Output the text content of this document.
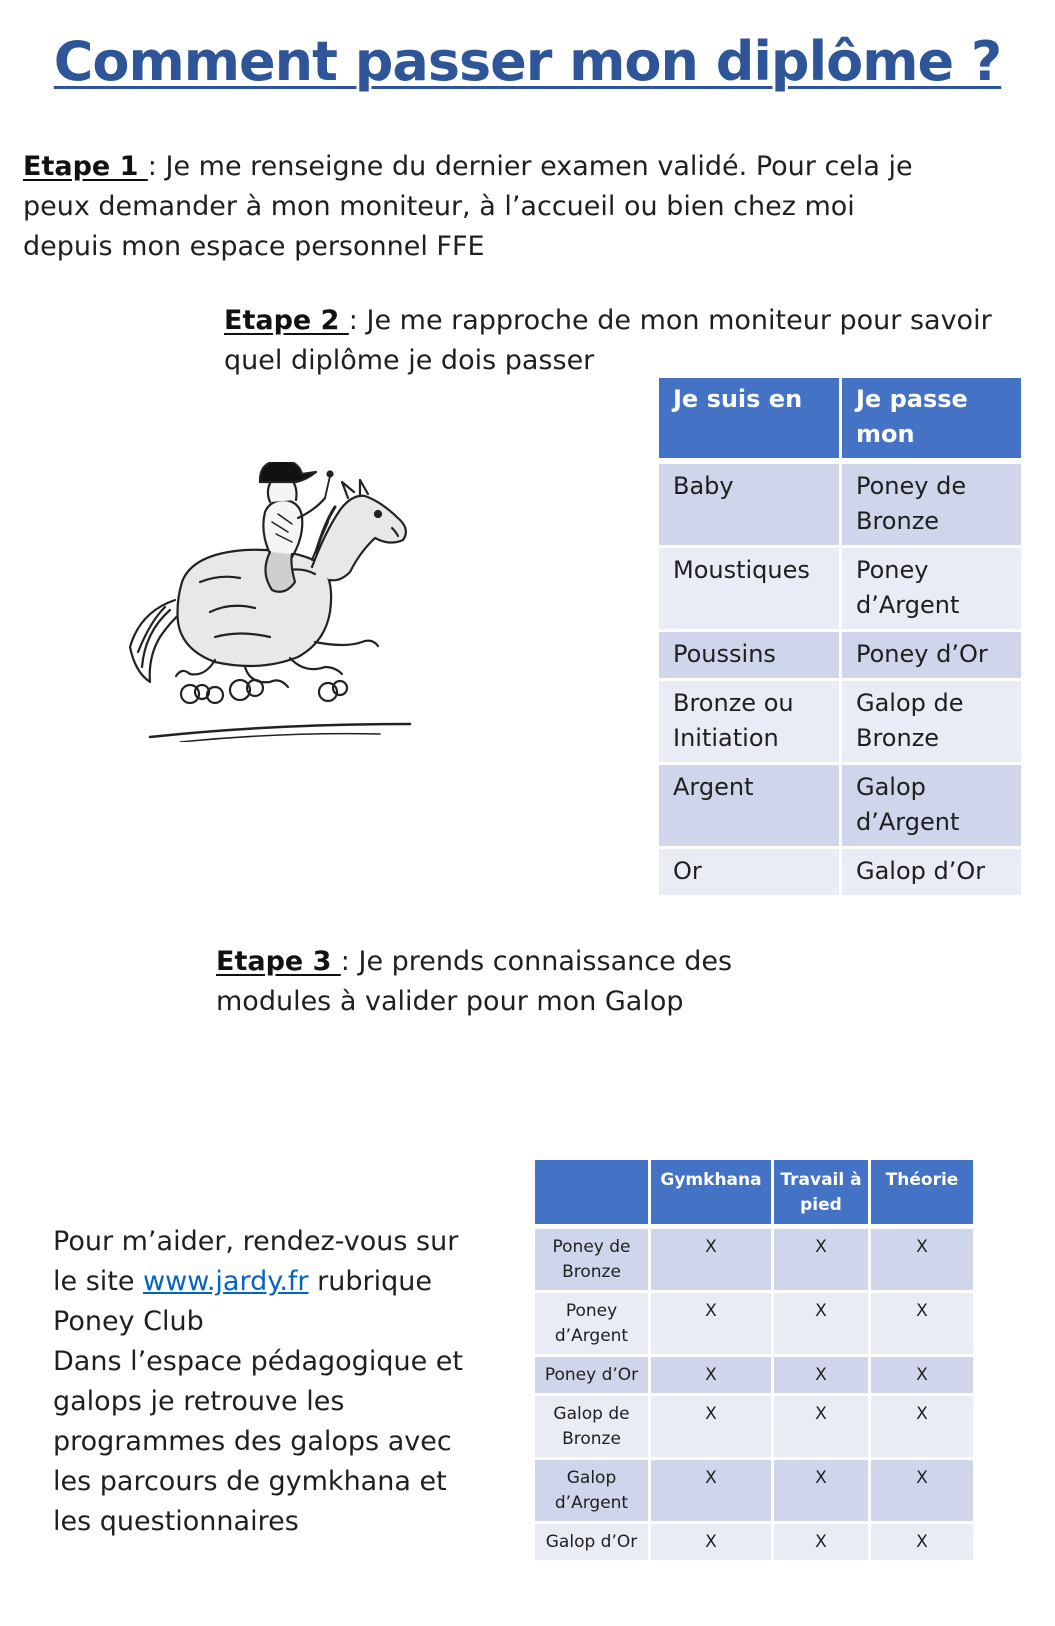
Comment passer mon diplôme ?

Etape 1 : Je me renseigne du dernier examen validé. Pour cela je
peux demander à mon moniteur, à l’accueil ou bien chez moi
depuis mon espace personnel FFE

Etape 2 : Je me rapproche de mon moniteur pour savoir
quel diplôme je dois passer

Je suis en	Je passe mon
Baby	Poney de Bronze
Moustiques	Poney d’Argent
Poussins	Poney d’Or
Bronze ou Initiation	Galop de Bronze
Argent	Galop d’Argent
Or	Galop d’Or

Etape 3 : Je prends connaissance des
modules à valider pour mon Galop

Pour m’aider, rendez-vous sur
le site www.jardy.fr rubrique
Poney Club
Dans l’espace pédagogique et
galops je retrouve les
programmes des galops avec
les parcours de gymkhana et
les questionnaires

	Gymkhana	Travail à pied	Théorie
Poney de Bronze	X	X	X
Poney d’Argent	X	X	X
Poney d’Or	X	X	X
Galop de Bronze	X	X	X
Galop d’Argent	X	X	X
Galop d’Or	X	X	X
